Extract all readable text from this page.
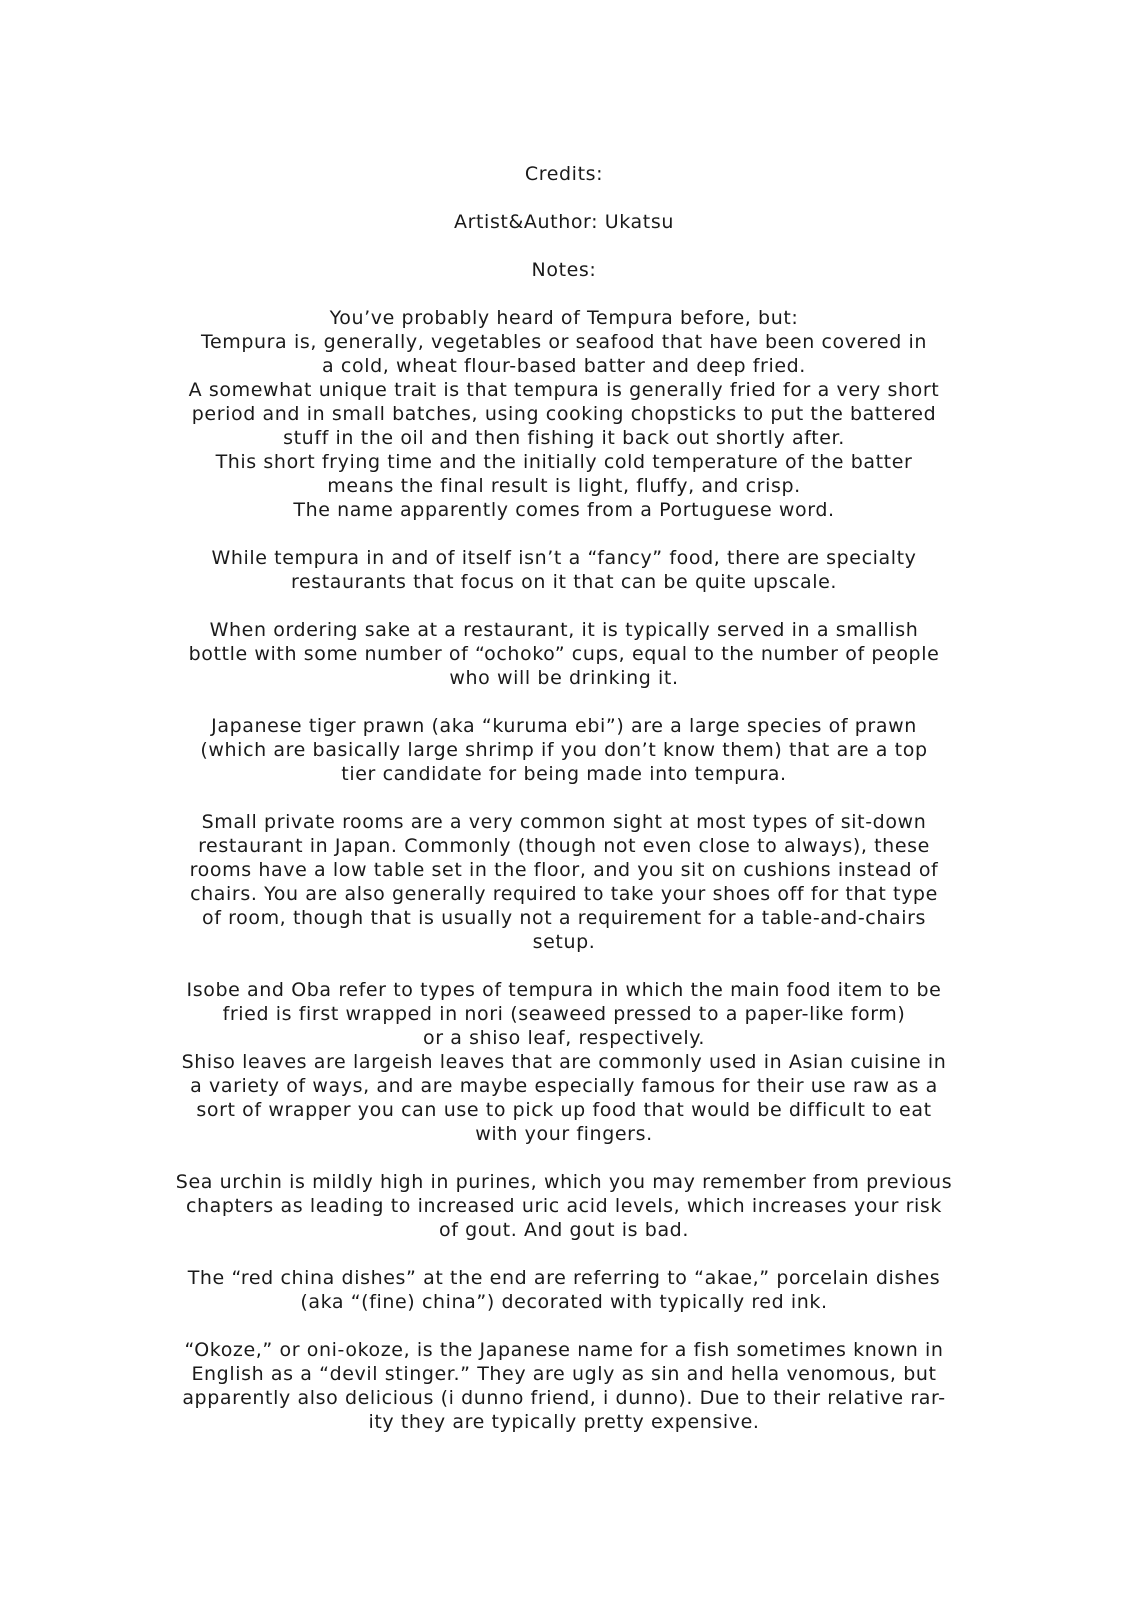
Credits:
Artist&Author: Ukatsu
Notes:
You’ve probably heard of Tempura before, but:
Tempura is, generally, vegetables or seafood that have been covered in
a cold, wheat flour-based batter and deep fried.
A somewhat unique trait is that tempura is generally fried for a very short
period and in small batches, using cooking chopsticks to put the battered
stuff in the oil and then fishing it back out shortly after.
This short frying time and the initially cold temperature of the batter
means the final result is light, fluffy, and crisp.
The name apparently comes from a Portuguese word.
While tempura in and of itself isn’t a “fancy” food, there are specialty
restaurants that focus on it that can be quite upscale.
When ordering sake at a restaurant, it is typically served in a smallish
bottle with some number of “ochoko” cups, equal to the number of people
who will be drinking it.
Japanese tiger prawn (aka “kuruma ebi”) are a large species of prawn
(which are basically large shrimp if you don’t know them) that are a top
tier candidate for being made into tempura.
Small private rooms are a very common sight at most types of sit-down
restaurant in Japan. Commonly (though not even close to always), these
rooms have a low table set in the floor, and you sit on cushions instead of
chairs. You are also generally required to take your shoes off for that type
of room, though that is usually not a requirement for a table-and-chairs
setup.
Isobe and Oba refer to types of tempura in which the main food item to be
fried is first wrapped in nori (seaweed pressed to a paper-like form)
or a shiso leaf, respectively.
Shiso leaves are largeish leaves that are commonly used in Asian cuisine in
a variety of ways, and are maybe especially famous for their use raw as a
sort of wrapper you can use to pick up food that would be difficult to eat
with your fingers.
Sea urchin is mildly high in purines, which you may remember from previous
chapters as leading to increased uric acid levels, which increases your risk
of gout. And gout is bad.
The “red china dishes” at the end are referring to “akae,” porcelain dishes
(aka “(fine) china”) decorated with typically red ink.
“Okoze,” or oni-okoze, is the Japanese name for a fish sometimes known in
English as a “devil stinger.” They are ugly as sin and hella venomous, but
apparently also delicious (i dunno friend, i dunno). Due to their relative rar-
ity they are typically pretty expensive.
